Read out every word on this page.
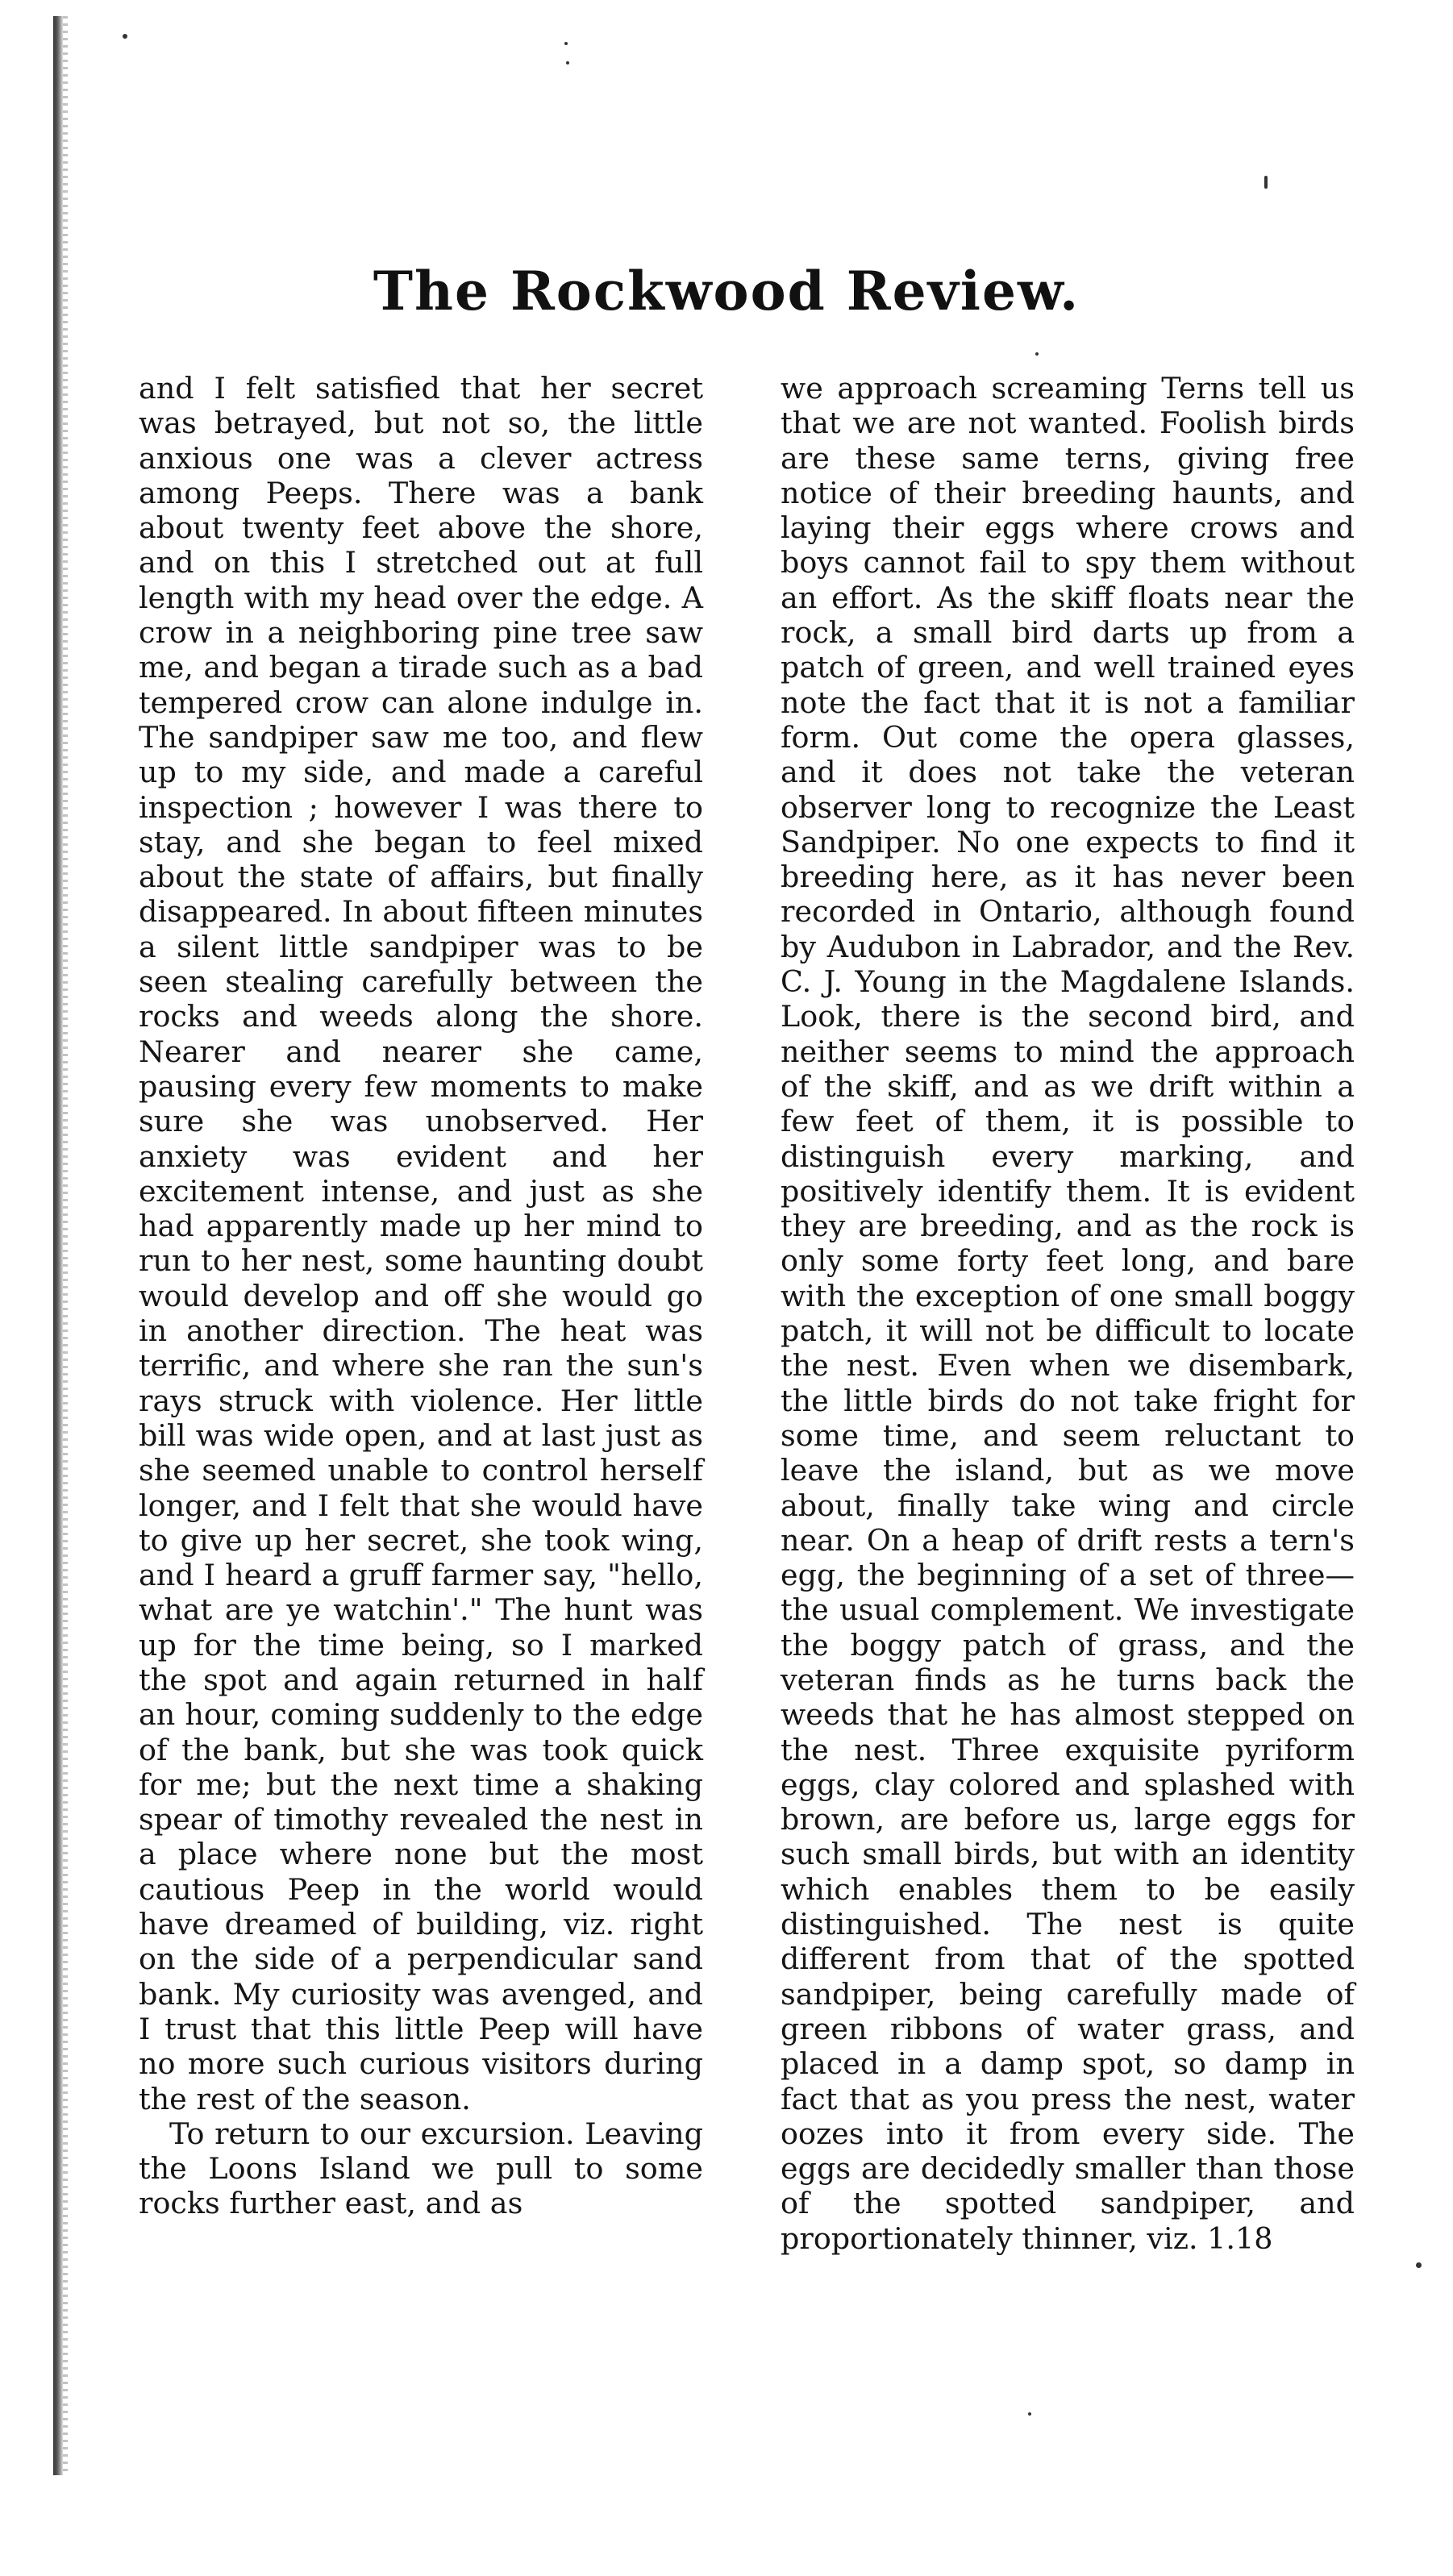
The Rockwood Review.

and I felt satisfied that her secret was betrayed, but not so, the little anxious one was a clever actress among Peeps. There was a bank about twenty feet above the shore, and on this I stretched out at full length with my head over the edge. A crow in a neighboring pine tree saw me, and began a tirade such as a bad tempered crow can alone indulge in. The sandpiper saw me too, and flew up to my side, and made a careful inspection ; however I was there to stay, and she began to feel mixed about the state of affairs, but finally disappeared. In about fifteen minutes a silent little sandpiper was to be seen stealing carefully between the rocks and weeds along the shore. Nearer and nearer she came, pausing every few moments to make sure she was unobserved. Her anxiety was evident and her excitement intense, and just as she had apparently made up her mind to run to her nest, some haunting doubt would develop and off she would go in another direction. The heat was terrific, and where she ran the sun's rays struck with violence. Her little bill was wide open, and at last just as she seemed unable to control herself longer, and I felt that she would have to give up her secret, she took wing, and I heard a gruff farmer say, "hello, what are ye watchin'." The hunt was up for the time being, so I marked the spot and again returned in half an hour, coming suddenly to the edge of the bank, but she was took quick for me; but the next time a shaking spear of timothy revealed the nest in a place where none but the most cautious Peep in the world would have dreamed of building, viz. right on the side of a perpendicular sand bank. My curiosity was avenged, and I trust that this little Peep will have no more such curious visitors during the rest of the season.

To return to our excursion. Leaving the Loons Island we pull to some rocks further east, and as

we approach screaming Terns tell us that we are not wanted. Foolish birds are these same terns, giving free notice of their breeding haunts, and laying their eggs where crows and boys cannot fail to spy them without an effort. As the skiff floats near the rock, a small bird darts up from a patch of green, and well trained eyes note the fact that it is not a familiar form. Out come the opera glasses, and it does not take the veteran observer long to recognize the Least Sandpiper. No one expects to find it breeding here, as it has never been recorded in Ontario, although found by Audubon in Labrador, and the Rev. C. J. Young in the Magdalene Islands. Look, there is the second bird, and neither seems to mind the approach of the skiff, and as we drift within a few feet of them, it is possible to distinguish every marking, and positively identify them. It is evident they are breeding, and as the rock is only some forty feet long, and bare with the exception of one small boggy patch, it will not be difficult to locate the nest. Even when we disembark, the little birds do not take fright for some time, and seem reluctant to leave the island, but as we move about, finally take wing and circle near. On a heap of drift rests a tern's egg, the beginning of a set of three—the usual complement. We investigate the boggy patch of grass, and the veteran finds as he turns back the weeds that he has almost stepped on the nest. Three exquisite pyriform eggs, clay colored and splashed with brown, are before us, large eggs for such small birds, but with an identity which enables them to be easily distinguished. The nest is quite different from that of the spotted sandpiper, being carefully made of green ribbons of water grass, and placed in a damp spot, so damp in fact that as you press the nest, water oozes into it from every side. The eggs are decidedly smaller than those of the spotted sandpiper, and proportionately thinner, viz. 1.18
